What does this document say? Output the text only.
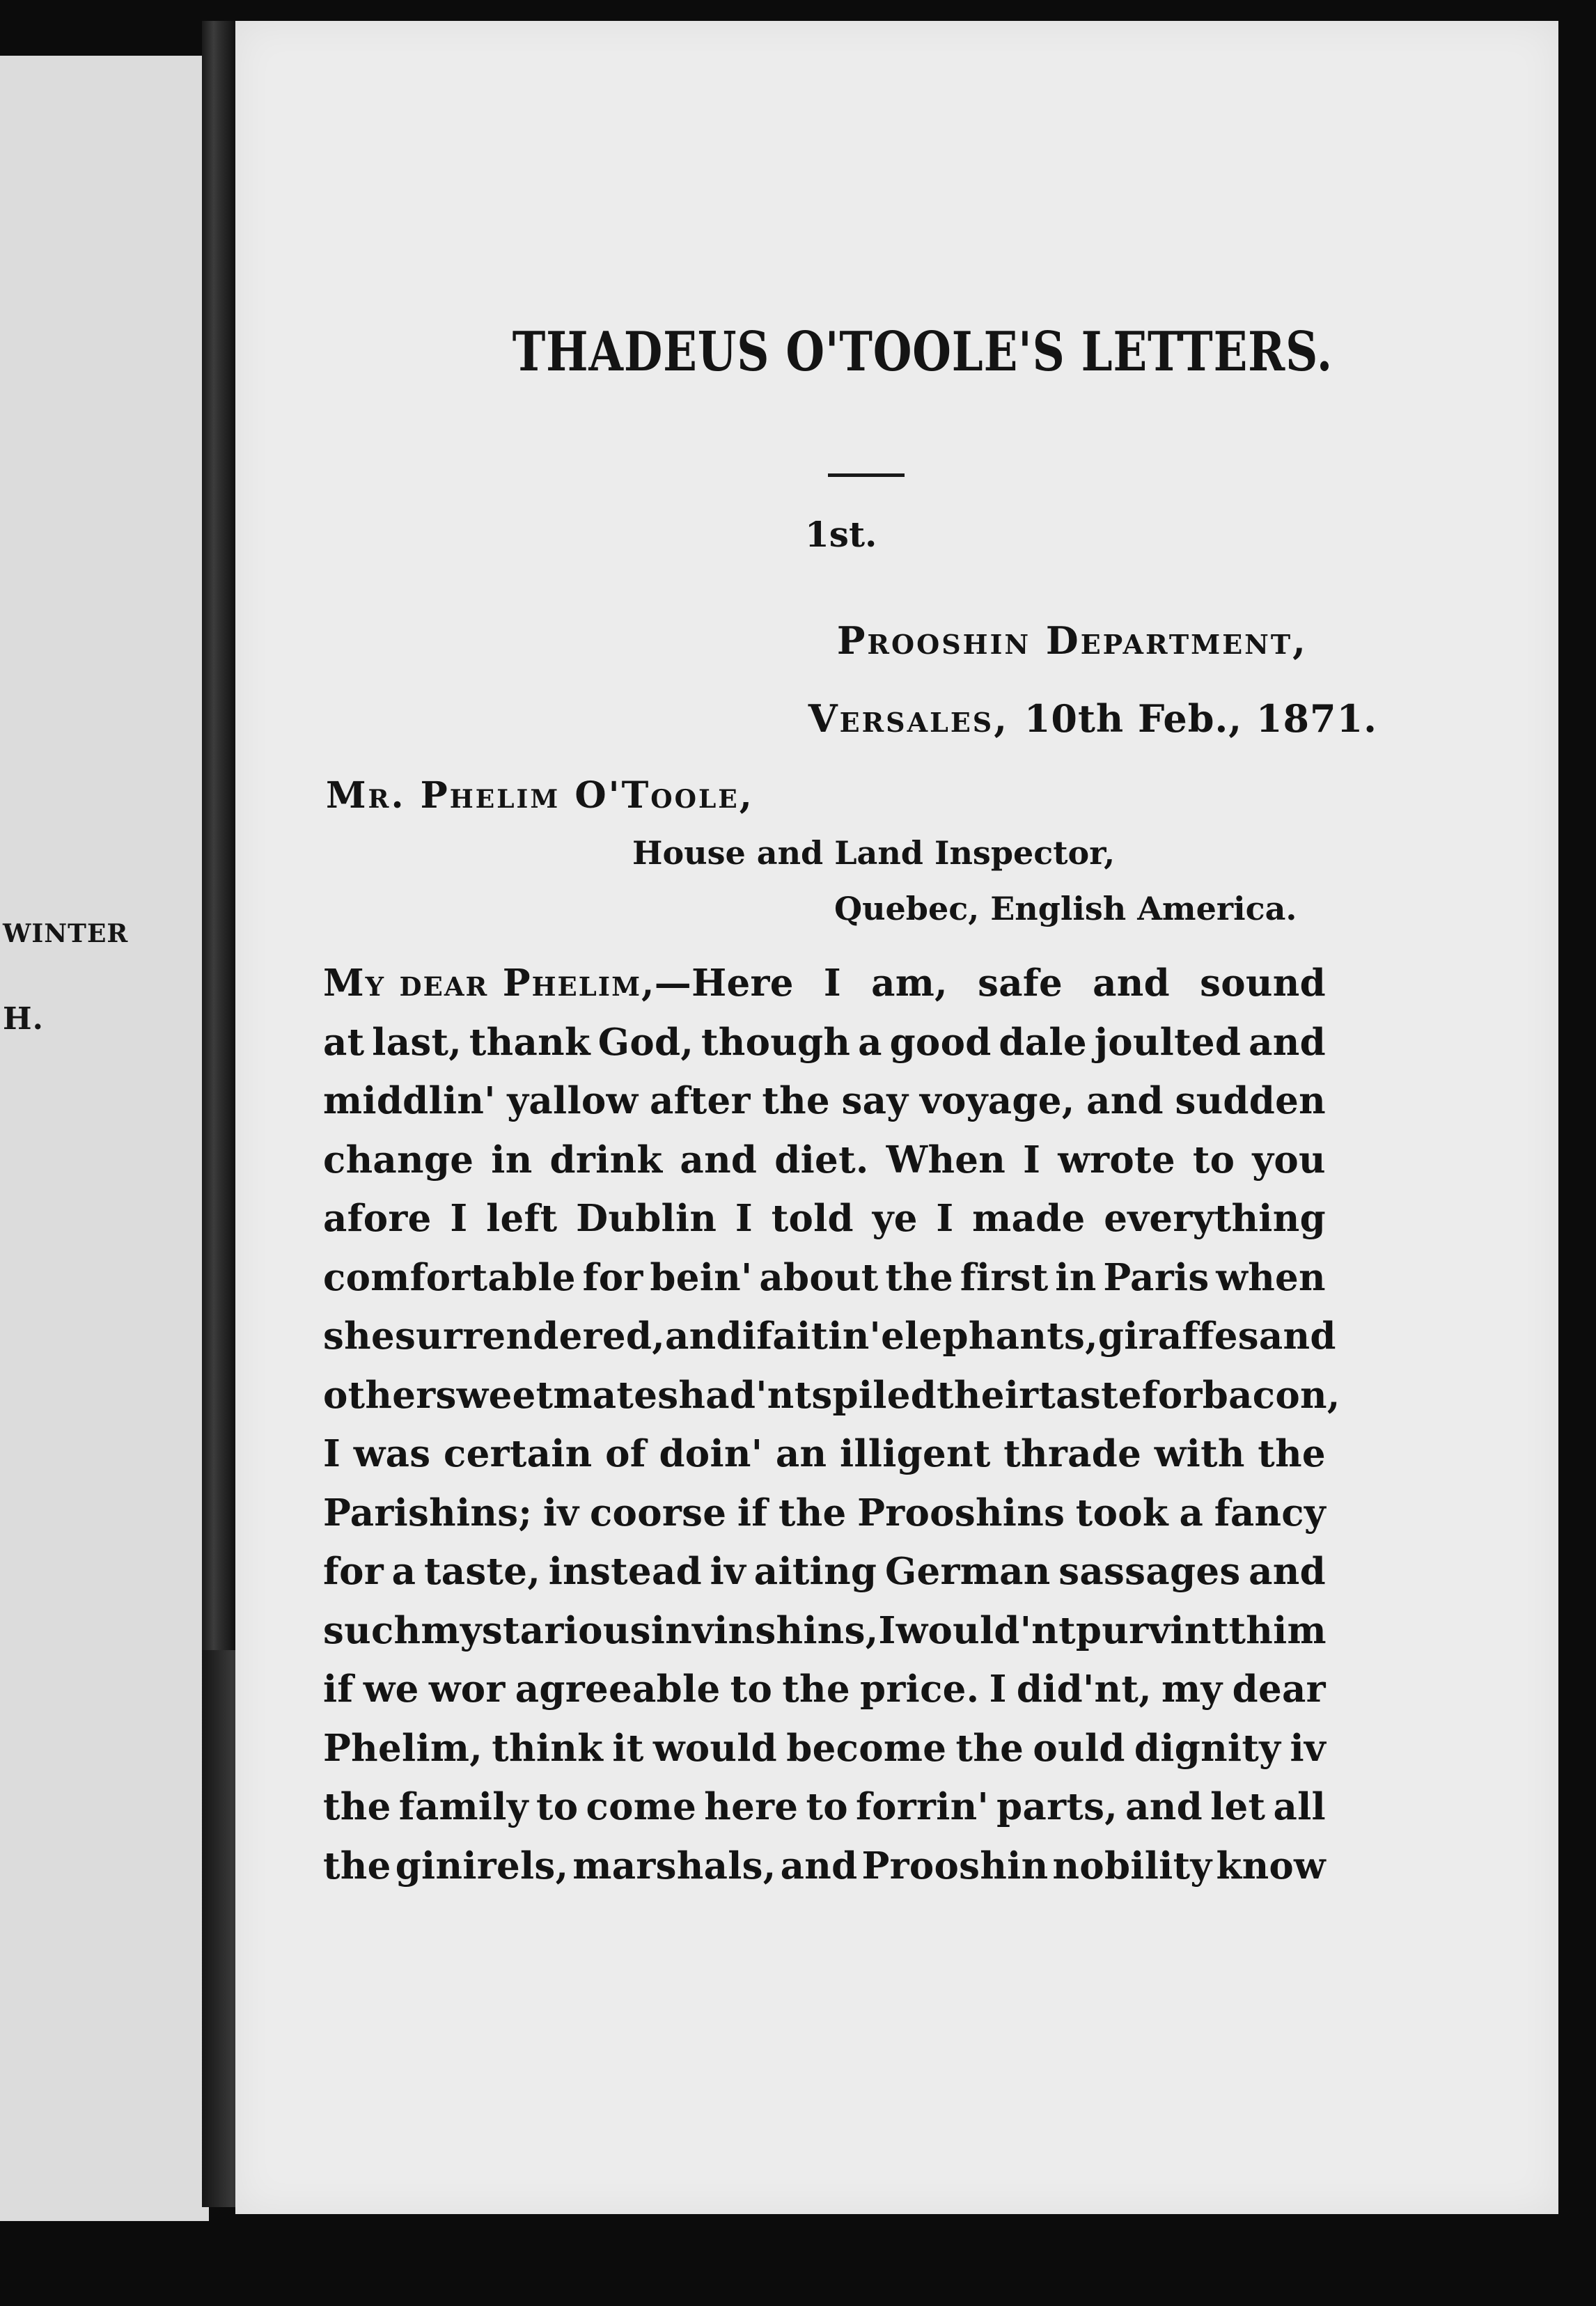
WINTER
H.
THADEUS O'TOOLE'S LETTERS.
1st.
Prooshin Department,
Versales, 10th Feb., 1871.
Mr. Phelim O'Toole,
House and Land Inspector,
Quebec, English America.
My dear Phelim,—Here I am, safe and sound
at last, thank God, though a good dale joulted and
middlin' yallow after the say voyage, and sudden
change in drink and diet. When I wrote to you
afore I left Dublin I told ye I made everything
comfortable for bein' about the first in Paris when
she surrendered, and if aitin' elephants, giraffes and
other sweetmates had'nt spiled their taste for bacon,
I was certain of doin' an illigent thrade with the
Parishins; iv coorse if the Prooshins took a fancy
for a taste, instead iv aiting German sassages and
such mystarious invinshins, I would'nt purvint thim
if we wor agreeable to the price. I did'nt, my dear
Phelim, think it would become the ould dignity iv
the family to come here to forrin' parts, and let all
the ginirels, marshals, and Prooshin nobility know
